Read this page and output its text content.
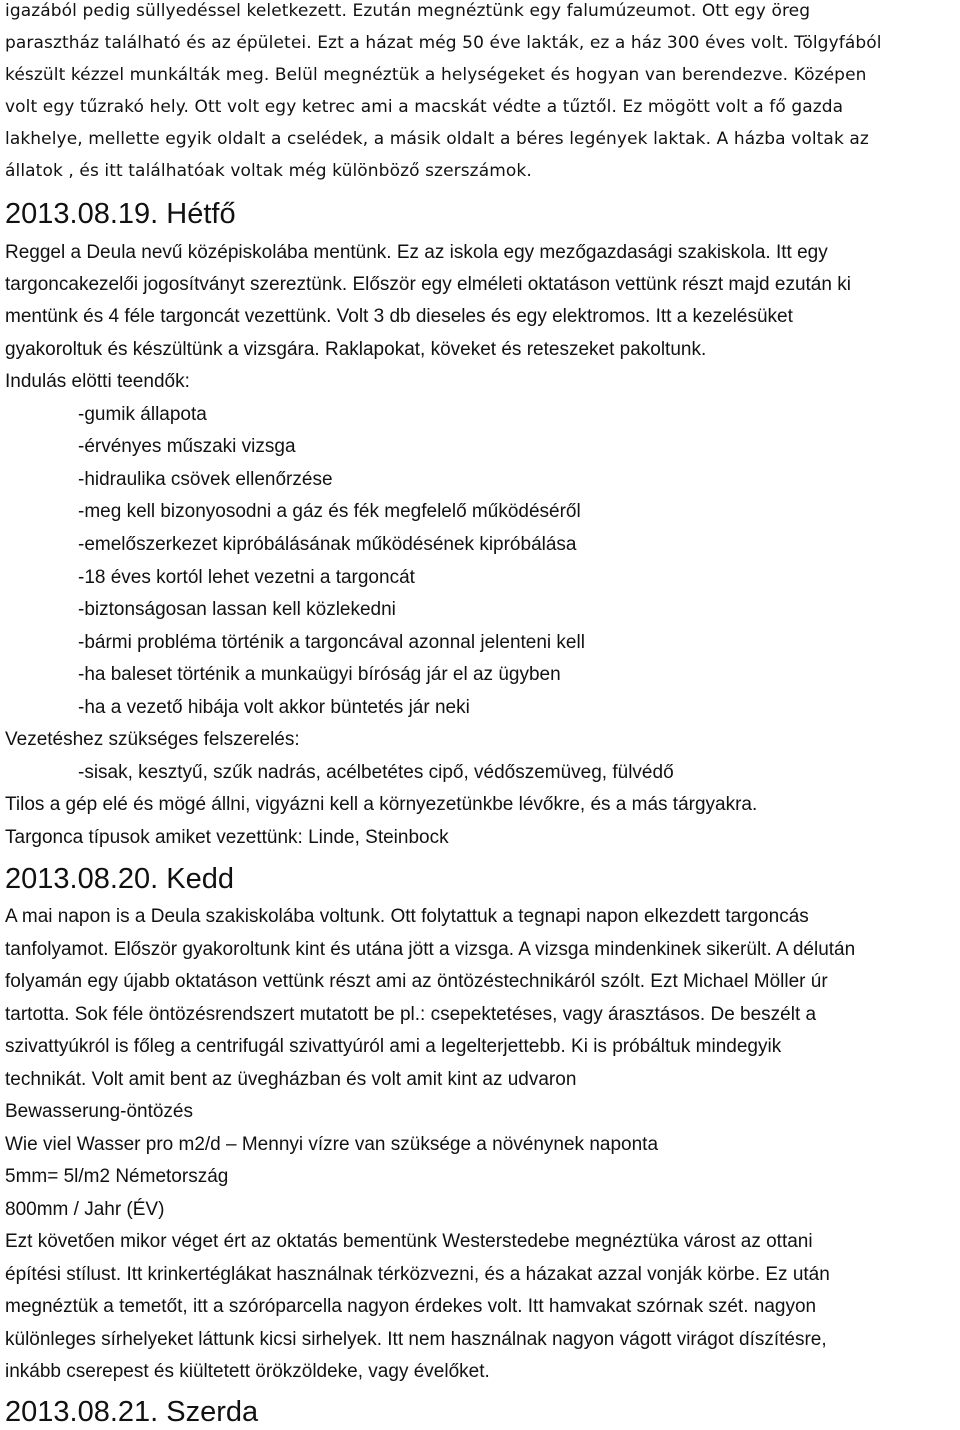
igazából pedig süllyedéssel keletkezett. Ezután megnéztünk egy falumúzeumot. Ott egy öreg
parasztház található és az épületei. Ezt a házat még 50 éve lakták, ez a ház 300 éves volt. Tölgyfából
készült kézzel munkálták meg. Belül megnéztük a helységeket és hogyan van berendezve. Középen
volt egy tűzrakó hely. Ott volt egy ketrec ami a macskát védte a tűztől. Ez mögött volt a fő gazda
lakhelye, mellette egyik oldalt a cselédek, a másik oldalt a béres legények laktak. A házba voltak az
állatok , és itt találhatóak voltak még különböző szerszámok.
2013.08.19. Hétfő
Reggel a Deula nevű középiskolába mentünk. Ez az iskola egy mezőgazdasági szakiskola. Itt egy
targoncakezelői jogosítványt szereztünk. Először egy elméleti oktatáson vettünk részt majd ezután ki
mentünk és 4 féle targoncát vezettünk. Volt 3 db dieseles és egy elektromos. Itt a kezelésüket
gyakoroltuk és készültünk a vizsgára. Raklapokat, köveket és reteszeket pakoltunk.
Indulás elötti teendők:
-gumik állapota
-érvényes műszaki vizsga
-hidraulika csövek ellenőrzése
-meg kell bizonyosodni a gáz és fék megfelelő működéséről
-emelőszerkezet kipróbálásának működésének kipróbálása
-18 éves kortól lehet vezetni a targoncát
-biztonságosan lassan kell közlekedni
-bármi probléma történik a targoncával azonnal jelenteni kell
-ha baleset történik a munkaügyi bíróság jár el az ügyben
-ha a vezető hibája volt akkor büntetés jár neki
Vezetéshez szükséges felszerelés:
-sisak, kesztyű, szűk nadrás, acélbetétes cipő, védőszemüveg, fülvédő
Tilos a gép elé és mögé állni, vigyázni kell a környezetünkbe lévőkre, és a más tárgyakra.
Targonca típusok amiket vezettünk: Linde, Steinbock
2013.08.20. Kedd
A mai napon is a Deula szakiskolába voltunk. Ott folytattuk a tegnapi napon elkezdett targoncás
tanfolyamot. Először gyakoroltunk kint és utána jött a vizsga. A vizsga mindenkinek sikerült. A délután
folyamán egy újabb oktatáson vettünk részt ami az öntözéstechnikáról szólt. Ezt Michael Möller úr
tartotta. Sok féle öntözésrendszert mutatott be pl.: csepektetéses, vagy árasztásos. De beszélt a
szivattyúkról is főleg a centrifugál szivattyúról ami a legelterjettebb. Ki is próbáltuk mindegyik
technikát. Volt amit bent az üvegházban és volt amit kint az udvaron
Bewasserung-öntözés
Wie viel Wasser pro m2/d – Mennyi vízre van szüksége a növénynek naponta
5mm= 5l/m2 Németország
800mm / Jahr (ÉV)
Ezt követően mikor véget ért az oktatás bementünk Westerstedebe megnéztüka várost az ottani
építési stílust. Itt krinkertéglákat használnak térközvezni, és a házakat azzal vonják körbe. Ez után
megnéztük a temetőt, itt a szóróparcella nagyon érdekes volt. Itt hamvakat szórnak szét. nagyon
különleges sírhelyeket láttunk kicsi sirhelyek. Itt nem használnak nagyon vágott virágot díszítésre,
inkább cserepest és kiültetett örökzöldeke, vagy évelőket.
2013.08.21. Szerda
